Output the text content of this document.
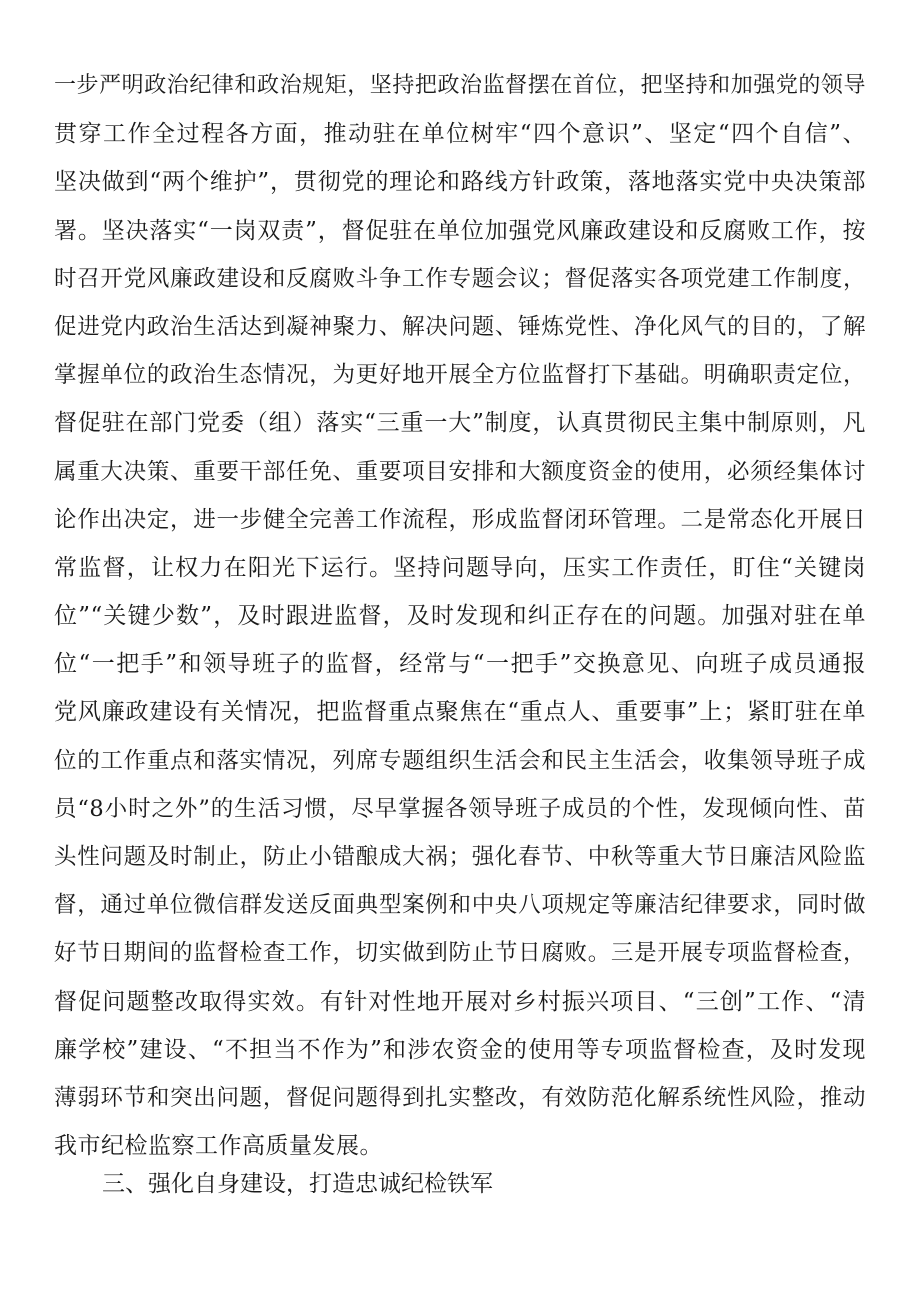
一步严明政治纪律和政治规矩，坚持把政治监督摆在首位，把坚持和加强党的领导
贯穿工作全过程各方面，推动驻在单位树牢“四个意识”、坚定“四个自信”、
坚决做到“两个维护”，贯彻党的理论和路线方针政策，落地落实党中央决策部
署。坚决落实“一岗双责”，督促驻在单位加强党风廉政建设和反腐败工作，按
时召开党风廉政建设和反腐败斗争工作专题会议；督促落实各项党建工作制度，
促进党内政治生活达到凝神聚力、解决问题、锤炼党性、净化风气的目的，了解
掌握单位的政治生态情况，为更好地开展全方位监督打下基础。明确职责定位，
督促驻在部门党委（组）落实“三重一大”制度，认真贯彻民主集中制原则，凡
属重大决策、重要干部任免、重要项目安排和大额度资金的使用，必须经集体讨
论作出决定，进一步健全完善工作流程，形成监督闭环管理。二是常态化开展日
常监督，让权力在阳光下运行。坚持问题导向，压实工作责任，盯住“关键岗
位”“关键少数”，及时跟进监督，及时发现和纠正存在的问题。加强对驻在单
位“一把手”和领导班子的监督，经常与“一把手”交换意见、向班子成员通报
党风廉政建设有关情况，把监督重点聚焦在“重点人、重要事”上；紧盯驻在单
位的工作重点和落实情况，列席专题组织生活会和民主生活会，收集领导班子成
员“8小时之外”的生活习惯，尽早掌握各领导班子成员的个性，发现倾向性、苗
头性问题及时制止，防止小错酿成大祸；强化春节、中秋等重大节日廉洁风险监
督，通过单位微信群发送反面典型案例和中央八项规定等廉洁纪律要求，同时做
好节日期间的监督检查工作，切实做到防止节日腐败。三是开展专项监督检查，
督促问题整改取得实效。有针对性地开展对乡村振兴项目、“三创”工作、“清
廉学校”建设、“不担当不作为”和涉农资金的使用等专项监督检查，及时发现
薄弱环节和突出问题，督促问题得到扎实整改，有效防范化解系统性风险，推动
我市纪检监察工作高质量发展。
三、强化自身建设，打造忠诚纪检铁军
